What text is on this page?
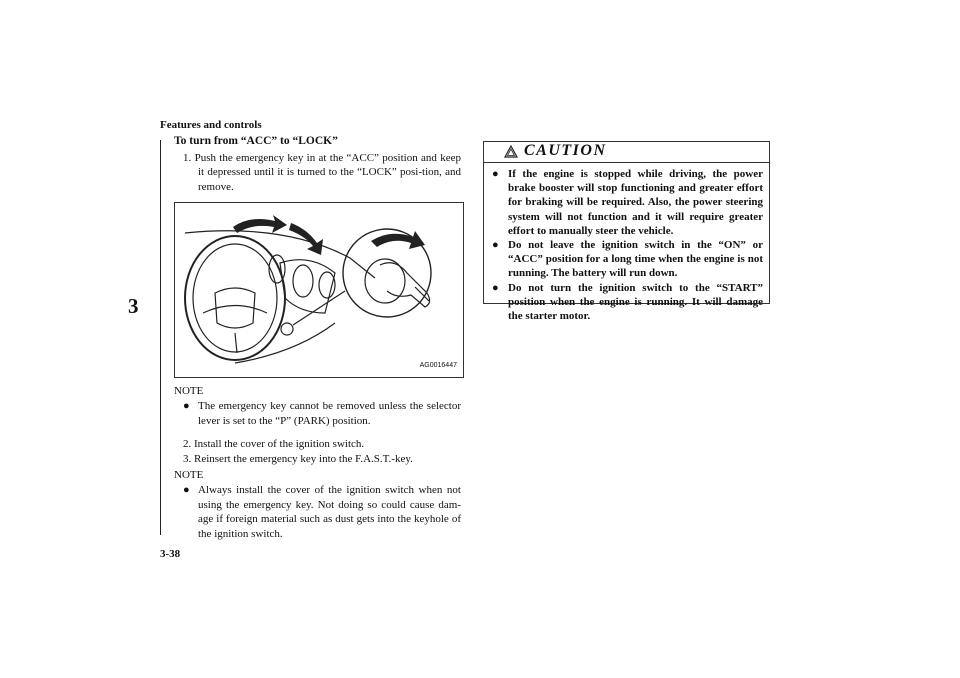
Features and controls
3
To turn from “ACC” to “LOCK”
1. Push the emergency key in at the “ACC” position and keep it depressed until it is turned to the “LOCK” posi-tion, and remove.
AG0016447
NOTE
● The emergency key cannot be removed unless the selector lever is set to the “P” (PARK) position.
2. Install the cover of the ignition switch.
3. Reinsert the emergency key into the F.A.S.T.-key.
NOTE
● Always install the cover of the ignition switch when not using the emergency key. Not doing so could cause dam-age if foreign material such as dust gets into the keyhole of the ignition switch.
CAUTION
● If the engine is stopped while driving, the power brake booster will stop functioning and greater effort for braking will be required. Also, the power steering system will not function and it will require greater effort to manually steer the vehicle.
● Do not leave the ignition switch in the “ON” or “ACC” position for a long time when the engine is not running. The battery will run down.
● Do not turn the ignition switch to the “START” position when the engine is running. It will damage the starter motor.
3-38
